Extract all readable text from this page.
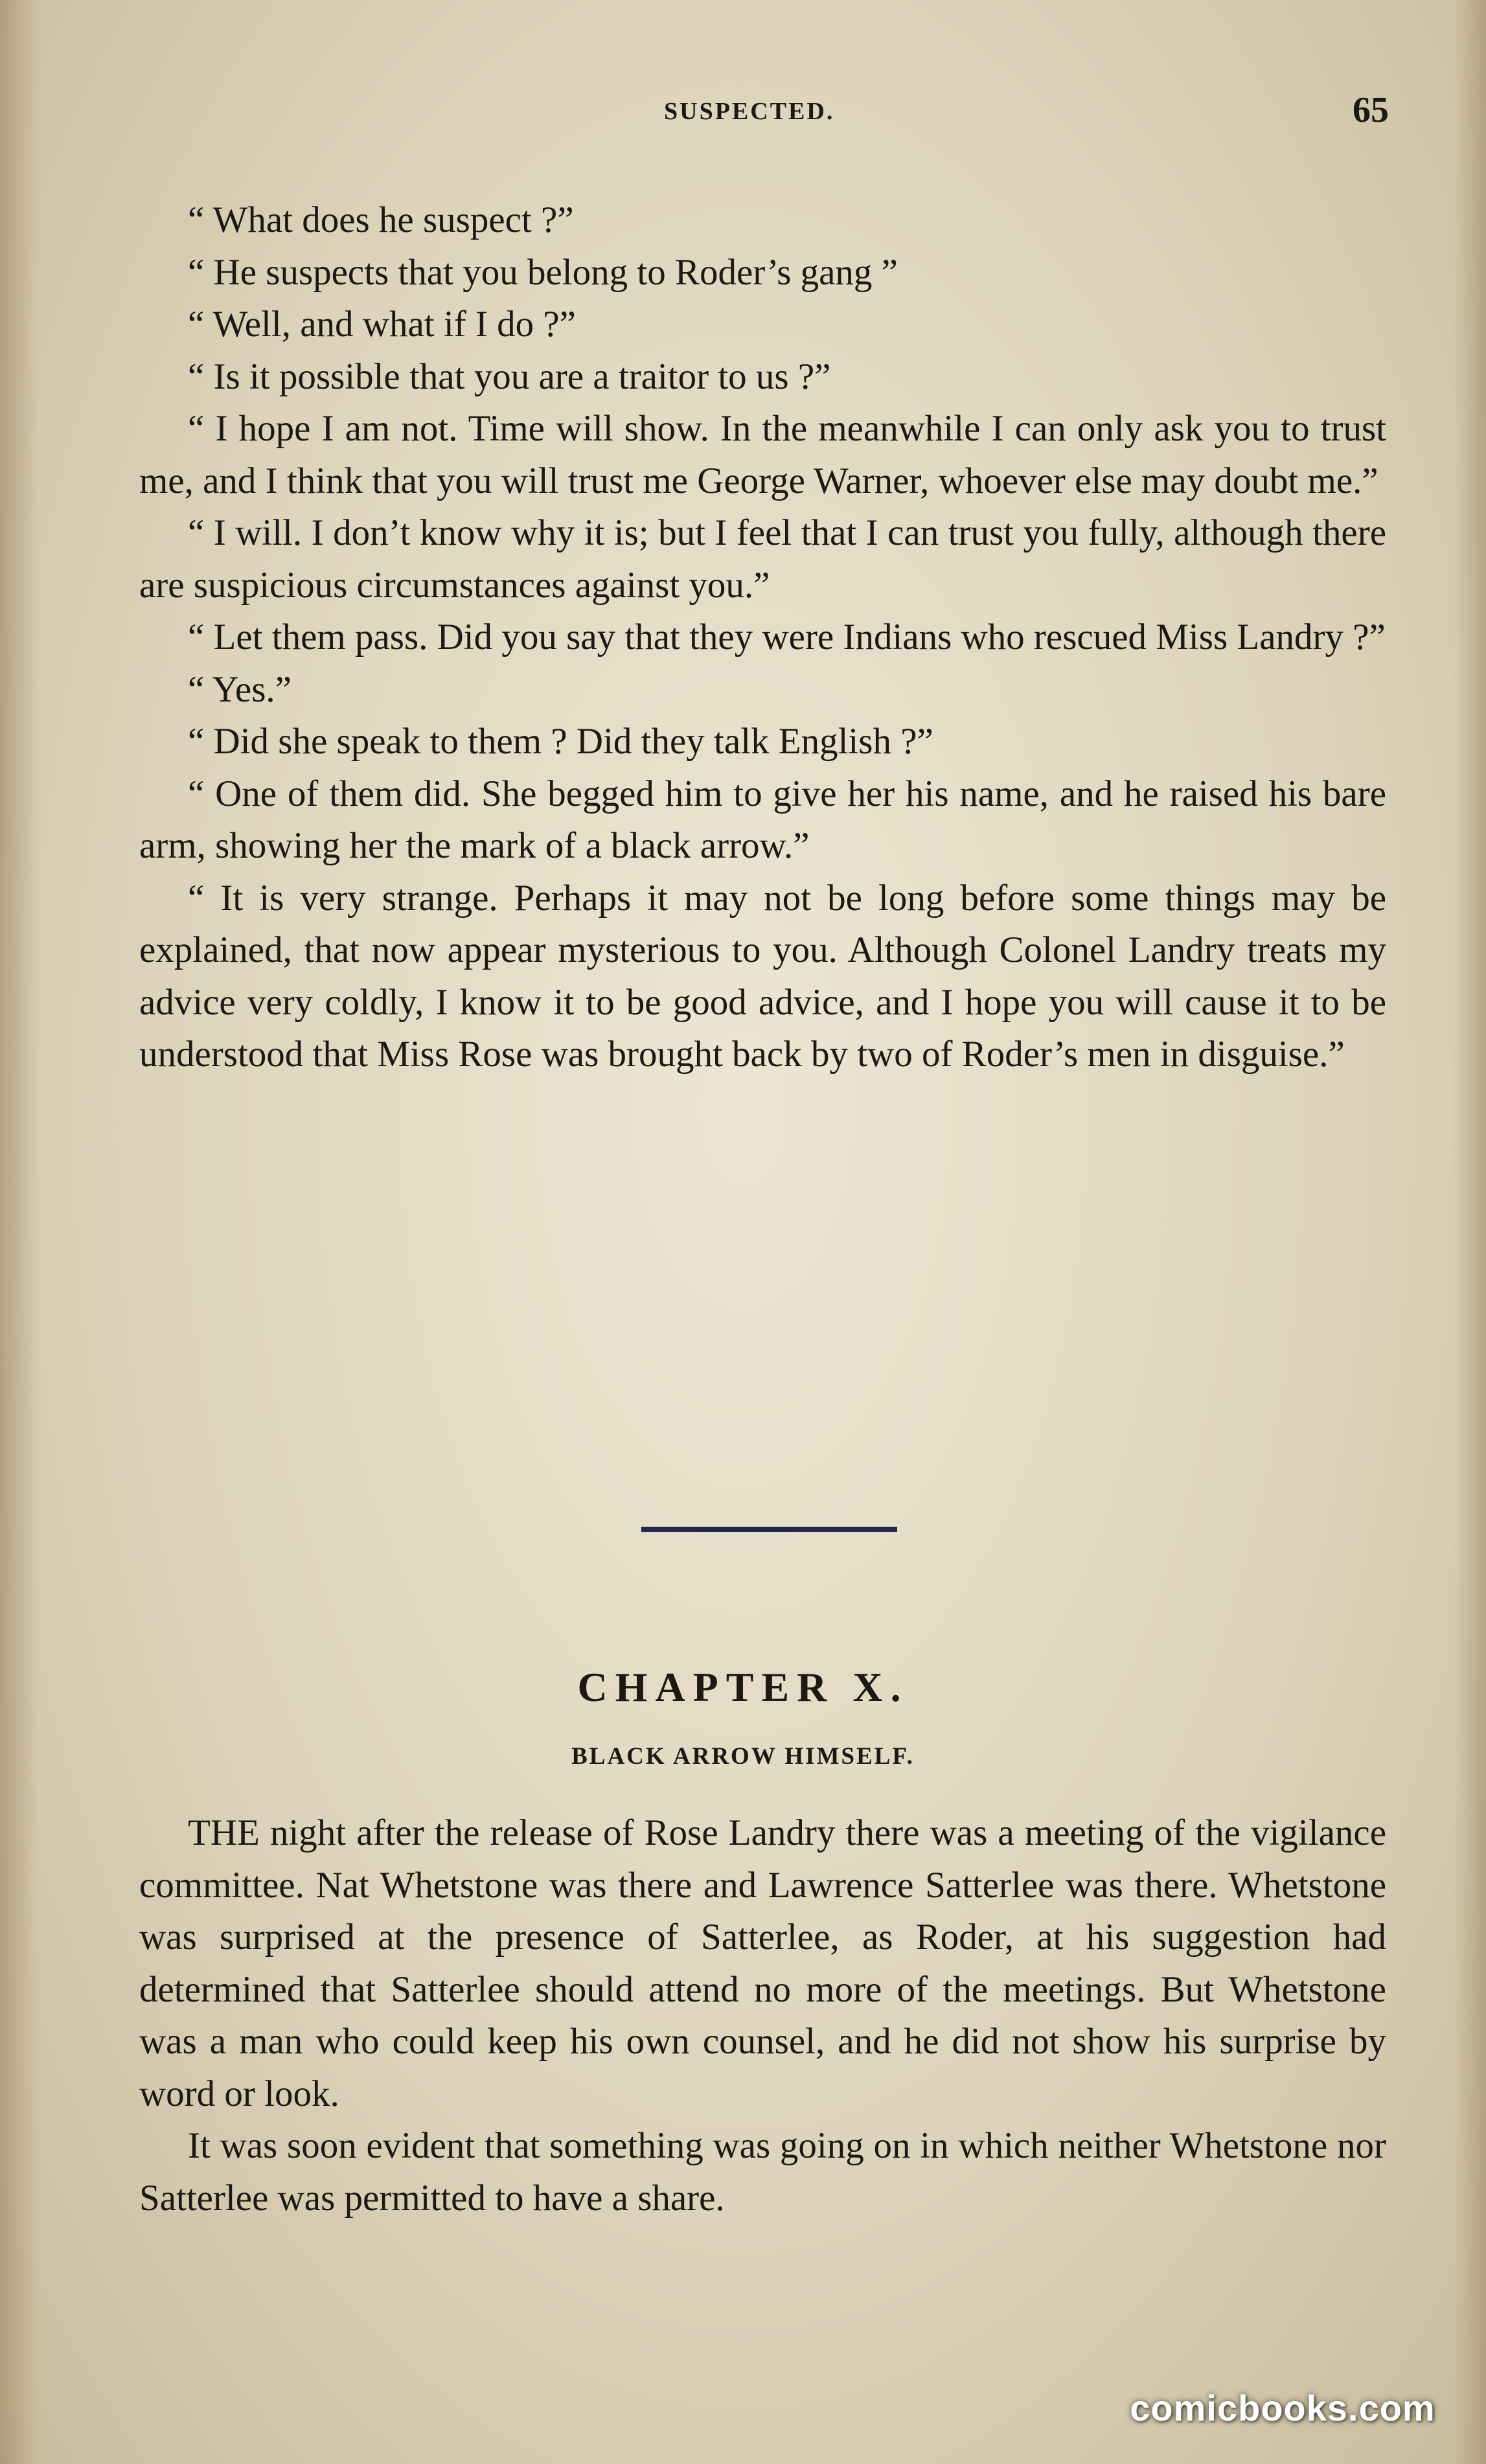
SUSPECTED.	65

“ What does he suspect ?”

“ He suspects that you belong to Roder’s gang ”

“ Well, and what if I do ?”

“ Is it possible that you are a traitor to us ?”

“ I hope I am not. Time will show. In the meanwhile I can only ask you to trust me, and I think that you will trust me George Warner, whoever else may doubt me.”

“ I will. I don’t know why it is; but I feel that I can trust you fully, although there are suspicious circumstances against you.”

“ Let them pass. Did you say that they were Indians who rescued Miss Landry ?”

“ Yes.”

“ Did she speak to them ? Did they talk English ?”

“ One of them did. She begged him to give her his name, and he raised his bare arm, showing her the mark of a black arrow.”

“ It is very strange. Perhaps it may not be long before some things may be explained, that now appear mysterious to you. Although Colonel Landry treats my advice very coldly, I know it to be good advice, and I hope you will cause it to be understood that Miss Rose was brought back by two of Roder’s men in disguise.”

CHAPTER X.
BLACK ARROW HIMSELF.

THE night after the release of Rose Landry there was a meeting of the vigilance committee. Nat Whetstone was there and Lawrence Satterlee was there. Whetstone was surprised at the presence of Satterlee, as Roder, at his suggestion had determined that Satterlee should attend no more of the meetings. But Whetstone was a man who could keep his own counsel, and he did not show his surprise by word or look.

It was soon evident that something was going on in which neither Whetstone nor Satterlee was permitted to have a share.

comicbooks.com
